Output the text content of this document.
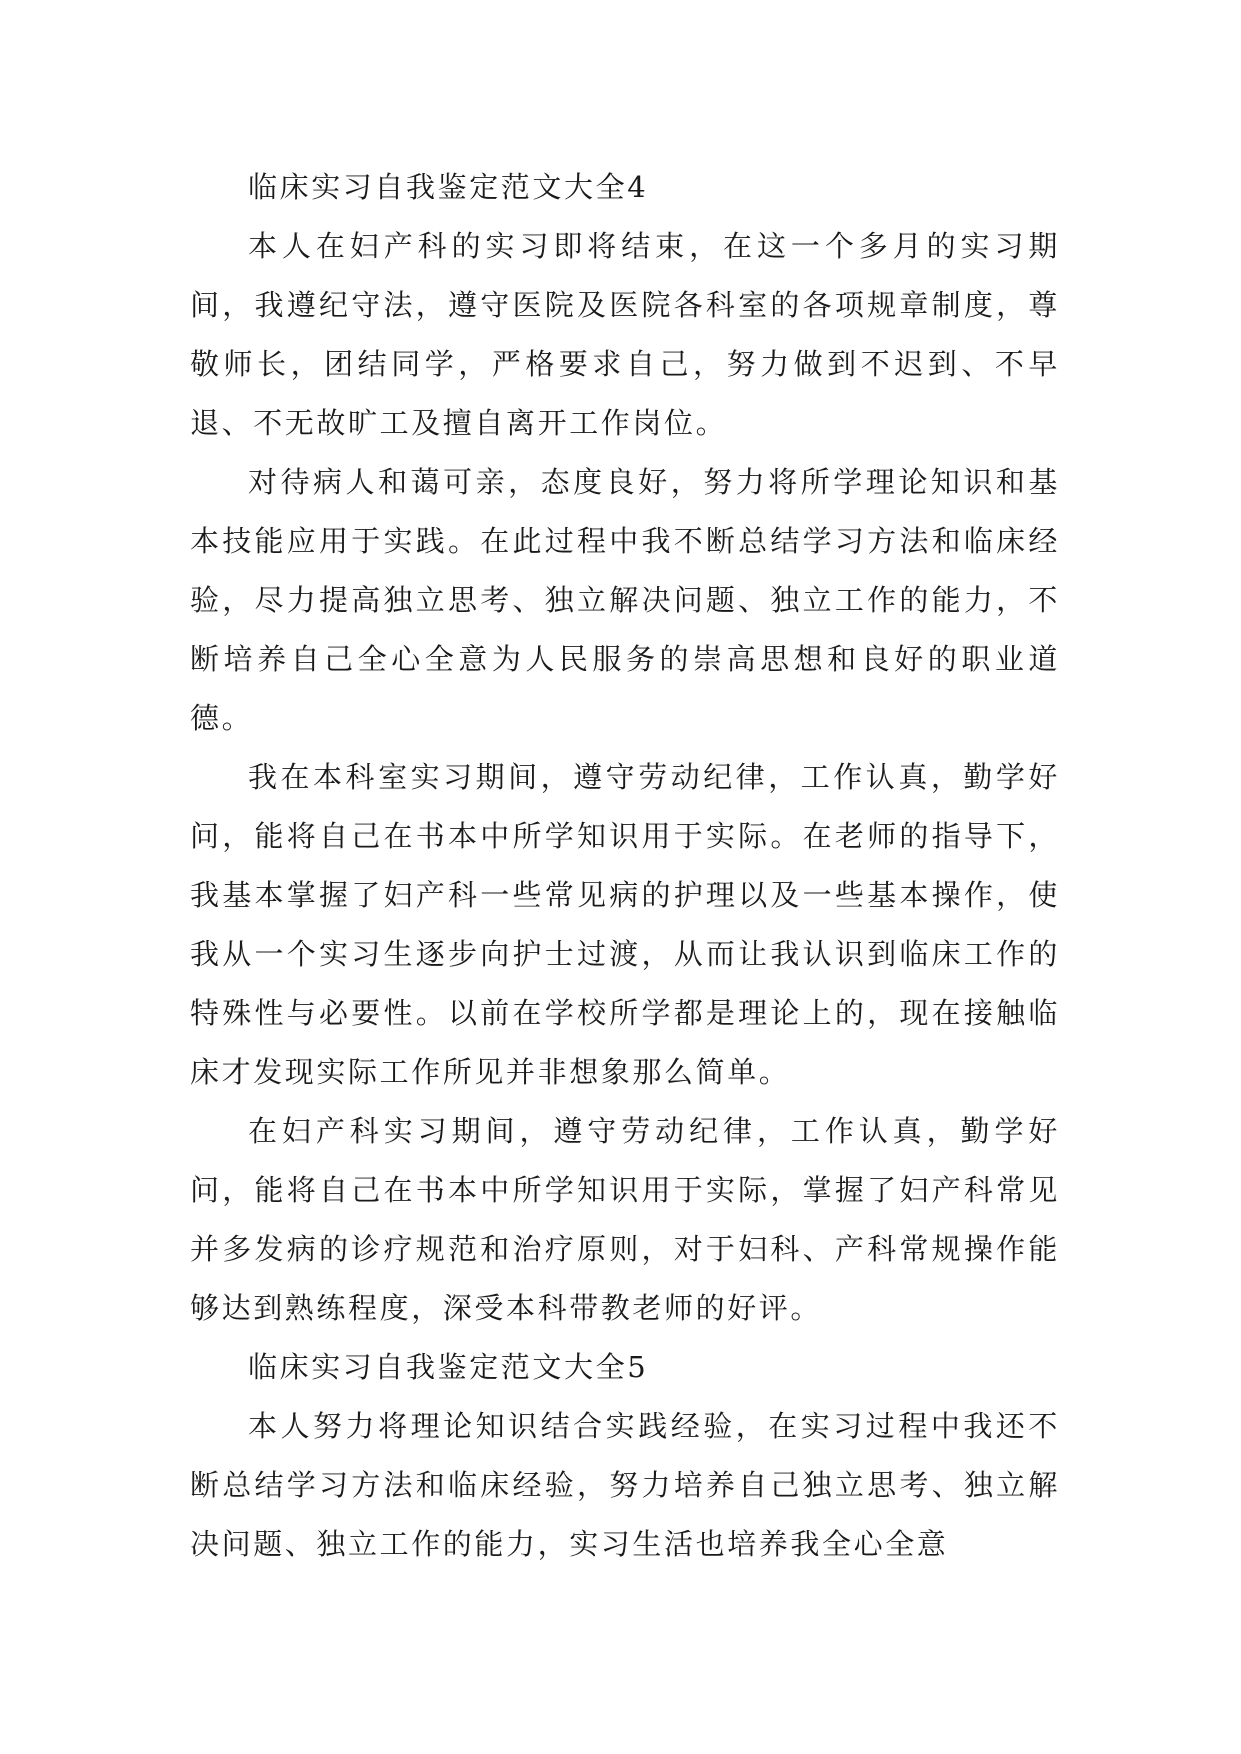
临床实习自我鉴定范文大全4

本人在妇产科的实习即将结束，在这一个多月的实习期间，我遵纪守法，遵守医院及医院各科室的各项规章制度，尊敬师长，团结同学，严格要求自己，努力做到不迟到、不早退、不无故旷工及擅自离开工作岗位。

对待病人和蔼可亲，态度良好，努力将所学理论知识和基本技能应用于实践。在此过程中我不断总结学习方法和临床经验，尽力提高独立思考、独立解决问题、独立工作的能力，不断培养自己全心全意为人民服务的崇高思想和良好的职业道德。

我在本科室实习期间，遵守劳动纪律，工作认真，勤学好问，能将自己在书本中所学知识用于实际。在老师的指导下，我基本掌握了妇产科一些常见病的护理以及一些基本操作，使我从一个实习生逐步向护士过渡，从而让我认识到临床工作的特殊性与必要性。以前在学校所学都是理论上的，现在接触临床才发现实际工作所见并非想象那么简单。

在妇产科实习期间，遵守劳动纪律，工作认真，勤学好问，能将自己在书本中所学知识用于实际，掌握了妇产科常见并多发病的诊疗规范和治疗原则，对于妇科、产科常规操作能够达到熟练程度，深受本科带教老师的好评。

临床实习自我鉴定范文大全5

本人努力将理论知识结合实践经验，在实习过程中我还不断总结学习方法和临床经验，努力培养自己独立思考、独立解决问题、独立工作的能力，实习生活也培养我全心全意
